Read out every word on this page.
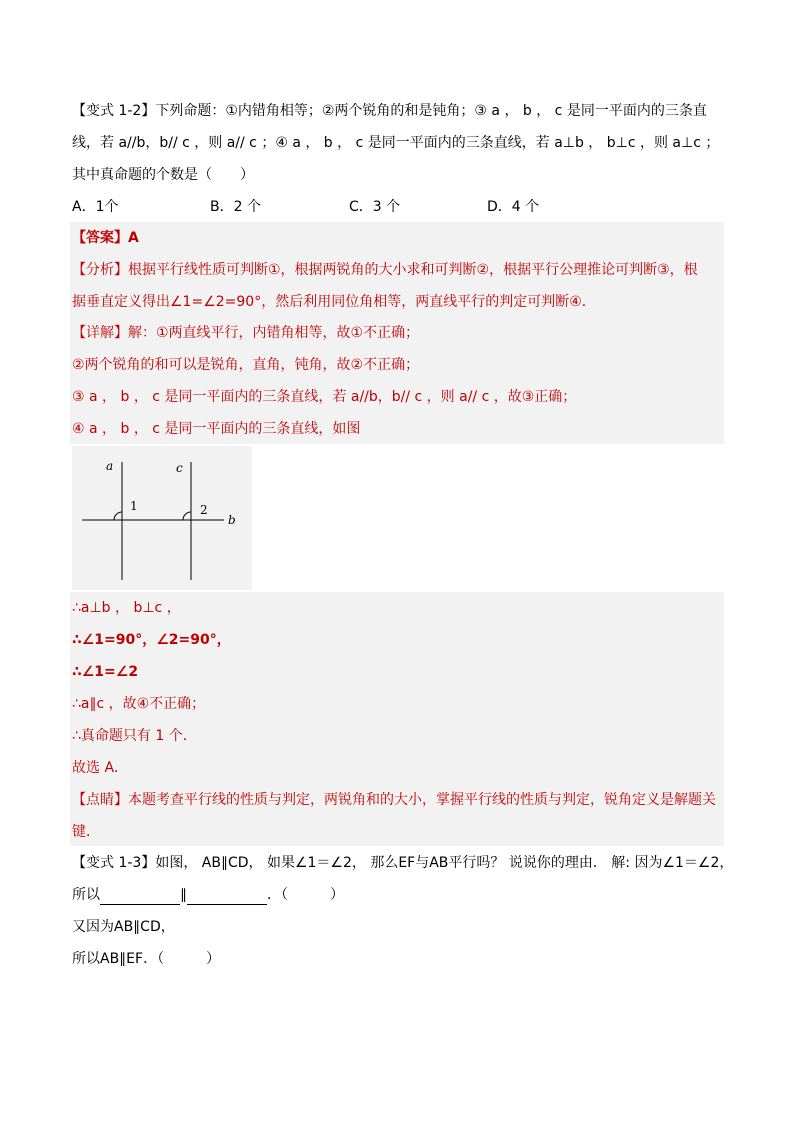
【变式 1-2】下列命题：①内错角相等；②两个锐角的和是钝角；③ a ， b ， c 是同一平面内的三条直
线，若 a//b，b// c ，则 a// c ；④ a ， b ， c 是同一平面内的三条直线，若 a⊥b ， b⊥c ，则 a⊥c ；
其中真命题的个数是（　　）
A．1个	B．2 个	C．3 个	D．4 个
【答案】A
【分析】根据平行线性质可判断①，根据两锐角的大小求和可判断②，根据平行公理推论可判断③，根
据垂直定义得出∠1=∠2=90°，然后利用同位角相等，两直线平行的判定可判断④．
【详解】解：①两直线平行，内错角相等，故①不正确；
②两个锐角的和可以是锐角，直角，钝角，故②不正确；
③ a ， b ， c 是同一平面内的三条直线，若 a//b，b// c ，则 a// c ，故③正确；
④ a ， b ， c 是同一平面内的三条直线，如图
a	c
b
1	2
∴a⊥b ， b⊥c ，
∴∠1=90°，∠2=90°，
∴∠1=∠2
∴a∥c ，故④不正确；
∴真命题只有 1 个．
故选 A．
【点睛】本题考查平行线的性质与判定，两锐角和的大小，掌握平行线的性质与判定，锐角定义是解题关
键．
【变式 1-3】如图， AB∥CD， 如果∠1＝∠2， 那么EF与AB平行吗？ 说说你的理由． 解: 因为∠1＝∠2，
所以	∥	．（　　　）
又因为AB∥CD，
所以AB∥EF．（　　　）
